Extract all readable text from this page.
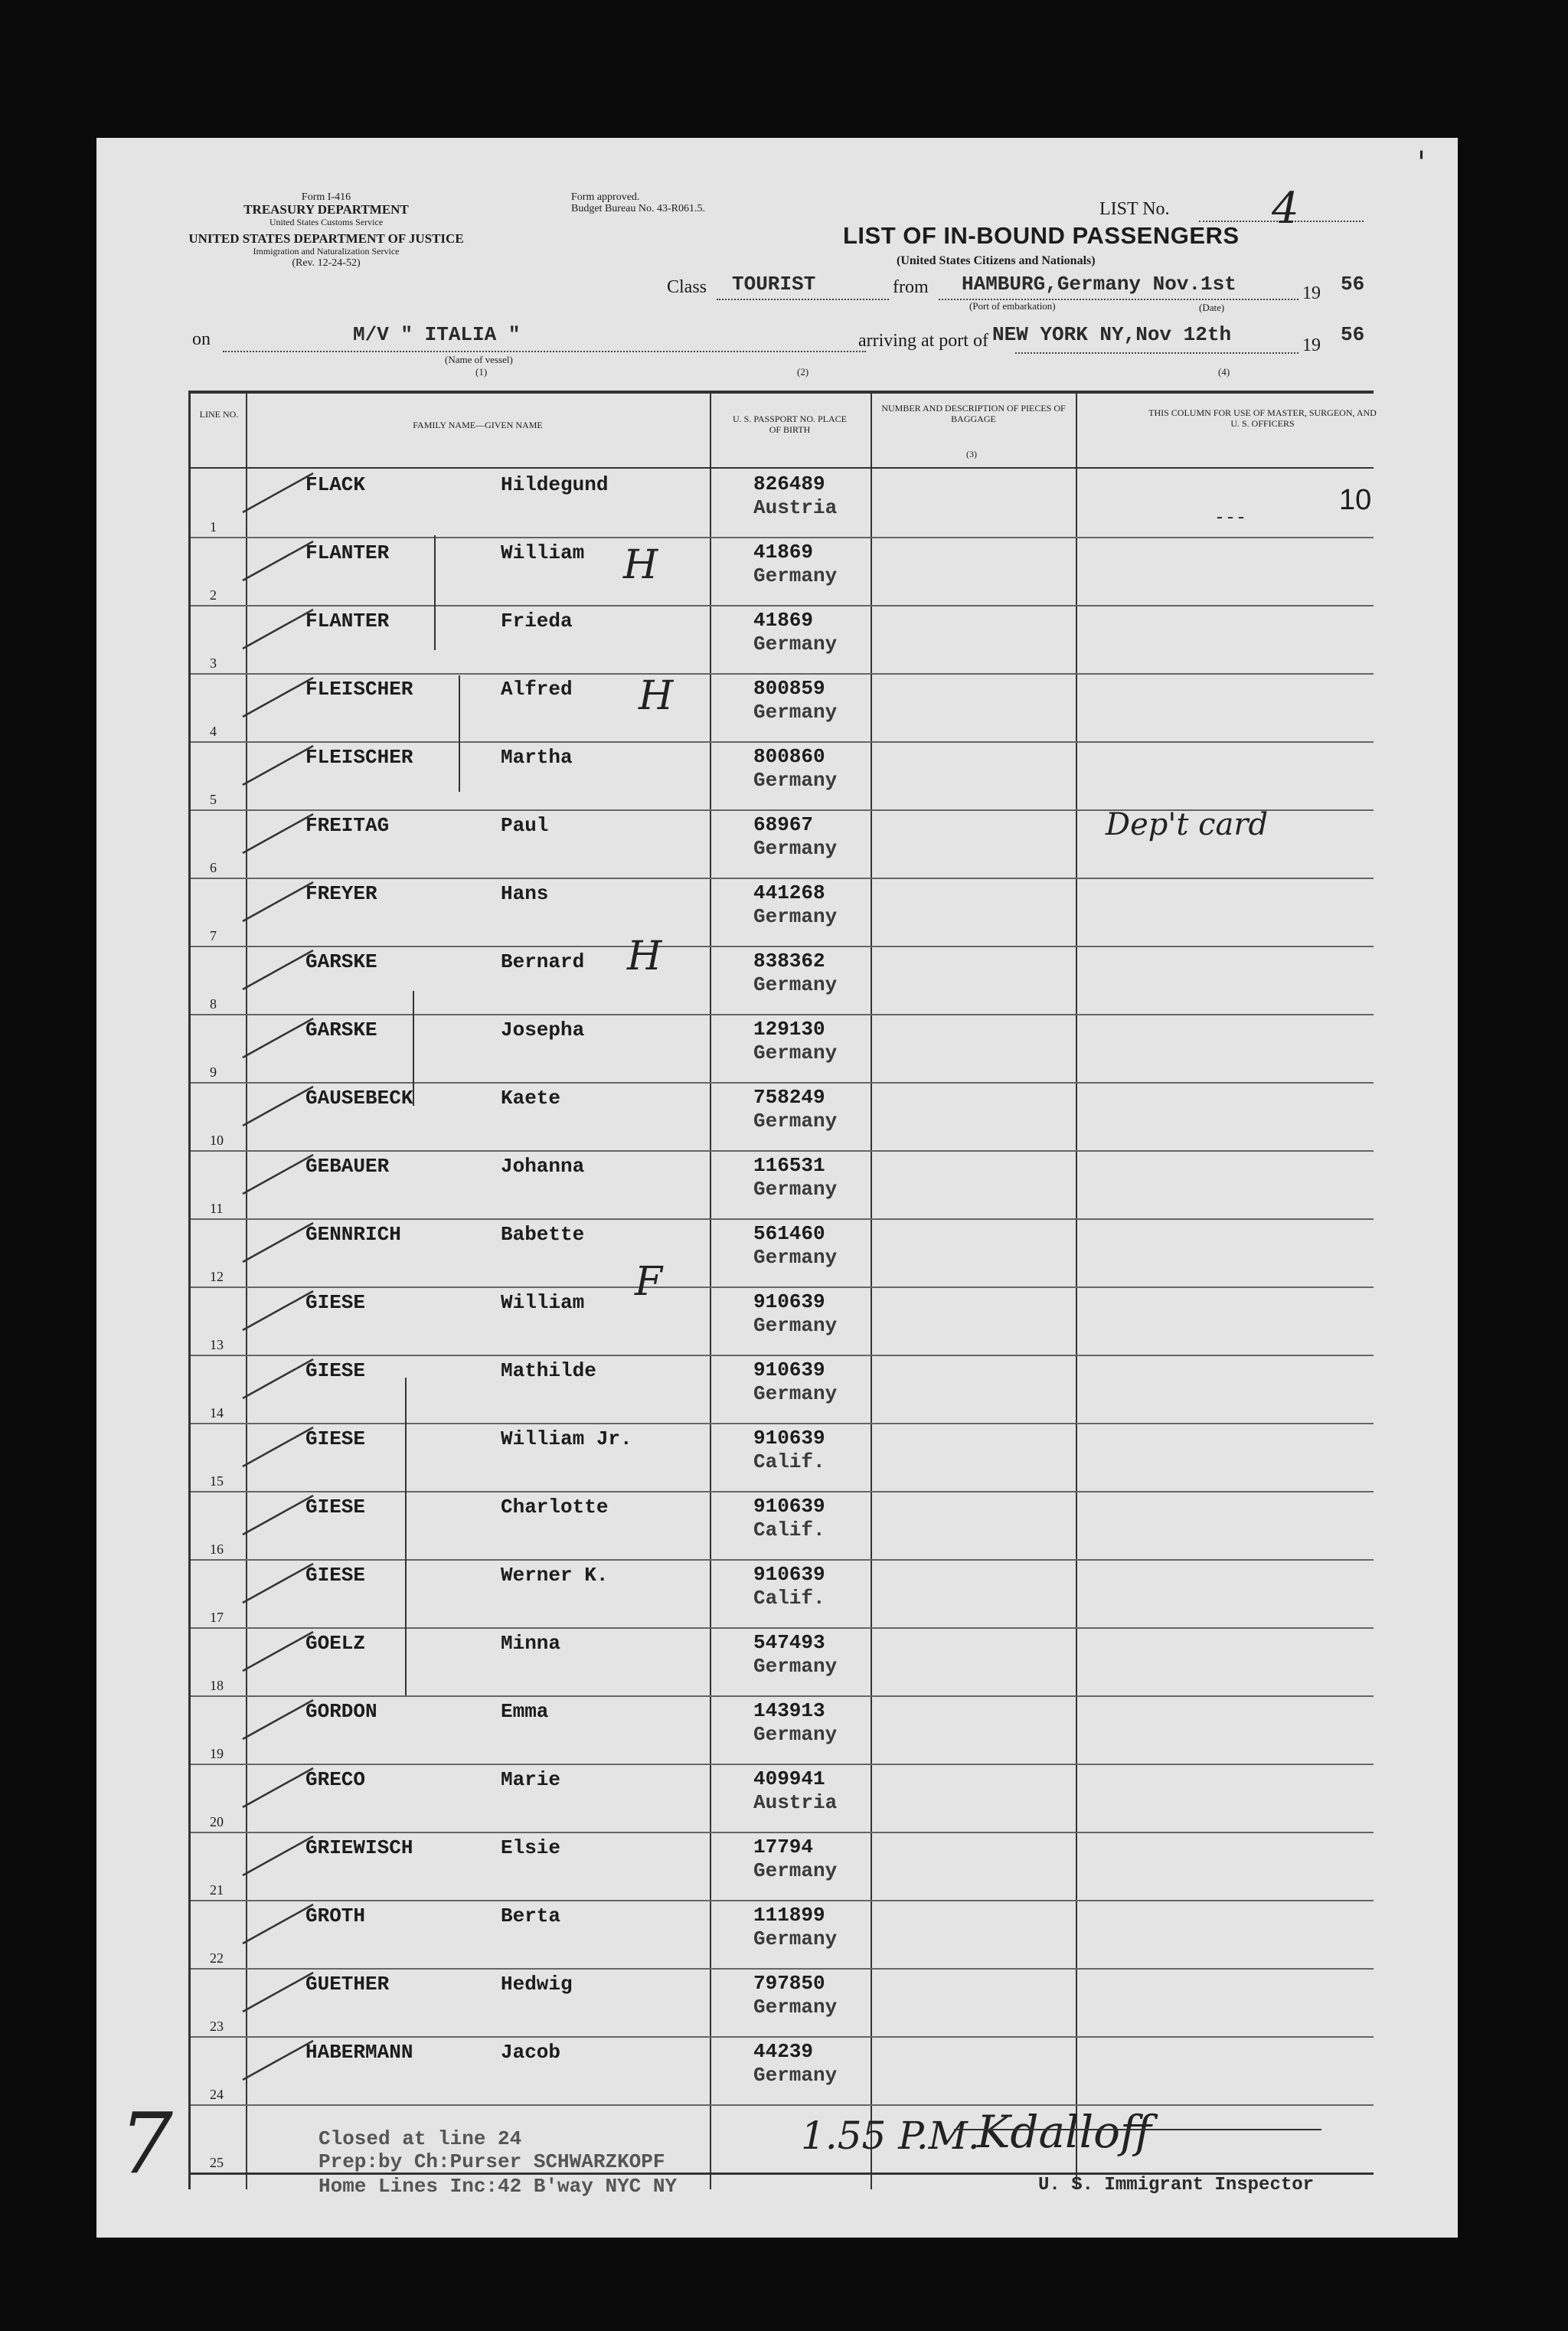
Form I-416
TREASURY DEPARTMENT
United States Customs Service
UNITED STATES DEPARTMENT OF JUSTICE
Immigration and Naturalization Service
(Rev. 12-24-52)
Form approved.
Budget Bureau No. 43-R061.5.	LIST No. 4
'
LIST OF IN-BOUND PASSENGERS
(United States Citizens and Nationals)
Class TOURIST	from HAMBURG,Germany Nov.1st	19 56
(Port of embarkation)	(Date)
on	M/V " ITALIA "
(Name of vessel)
(1)
arriving at port of NEW YORK NY,Nov 12th
(2)
19 56
(4)
LINE NO.
FAMILY NAME—GIVEN NAME
U. S. PASSPORT NO. PLACE OF BIRTH
NUMBER AND DESCRIPTION OF PIECES OF BAGGAGE
(3)
THIS COLUMN FOR USE OF MASTER, SURGEON, AND U. S. OFFICERS
1
FLACK	Hildegund	826489
Austria
2
FLANTER	William	41869
Germany
3
FLANTER	Frieda	41869
Germany
4
FLEISCHER	Alfred	800859
Germany
5
FLEISCHER	Martha	800860
Germany
6
FREITAG	Paul	68967
Germany
7
FREYER	Hans	441268
Germany
8
GARSKE	Bernard	838362
Germany
9
GARSKE	Josepha	129130
Germany
10
GAUSEBECK	Kaete	758249
Germany
11
GEBAUER	Johanna	116531
Germany
12
GENNRICH	Babette	561460
Germany
13
GIESE	William	910639
Germany
14
GIESE	Mathilde	910639
Germany
15
GIESE	William Jr.	910639
Calif.
16
GIESE	Charlotte	910639
Calif.
17
GIESE	Werner K.	910639
Calif.
18
GOELZ	Minna	547493
Germany
19
GORDON	Emma	143913
Germany
20
GRECO	Marie	409941
Austria
21
GRIEWISCH	Elsie	17794
Germany
22
GROTH	Berta	111899
Germany
23
GUETHER	Hedwig	797850
Germany
24
HABERMANN	Jacob	44239
Germany
25
- - -
10
H
H
H
F
Dep't card
Closed at line 24
Prep:by Ch:Purser SCHWARZKOPF
Home Lines Inc:42 B'way NYC NY
1.55 P.M.
Kdalloff
U. S. Immigrant Inspector
7
